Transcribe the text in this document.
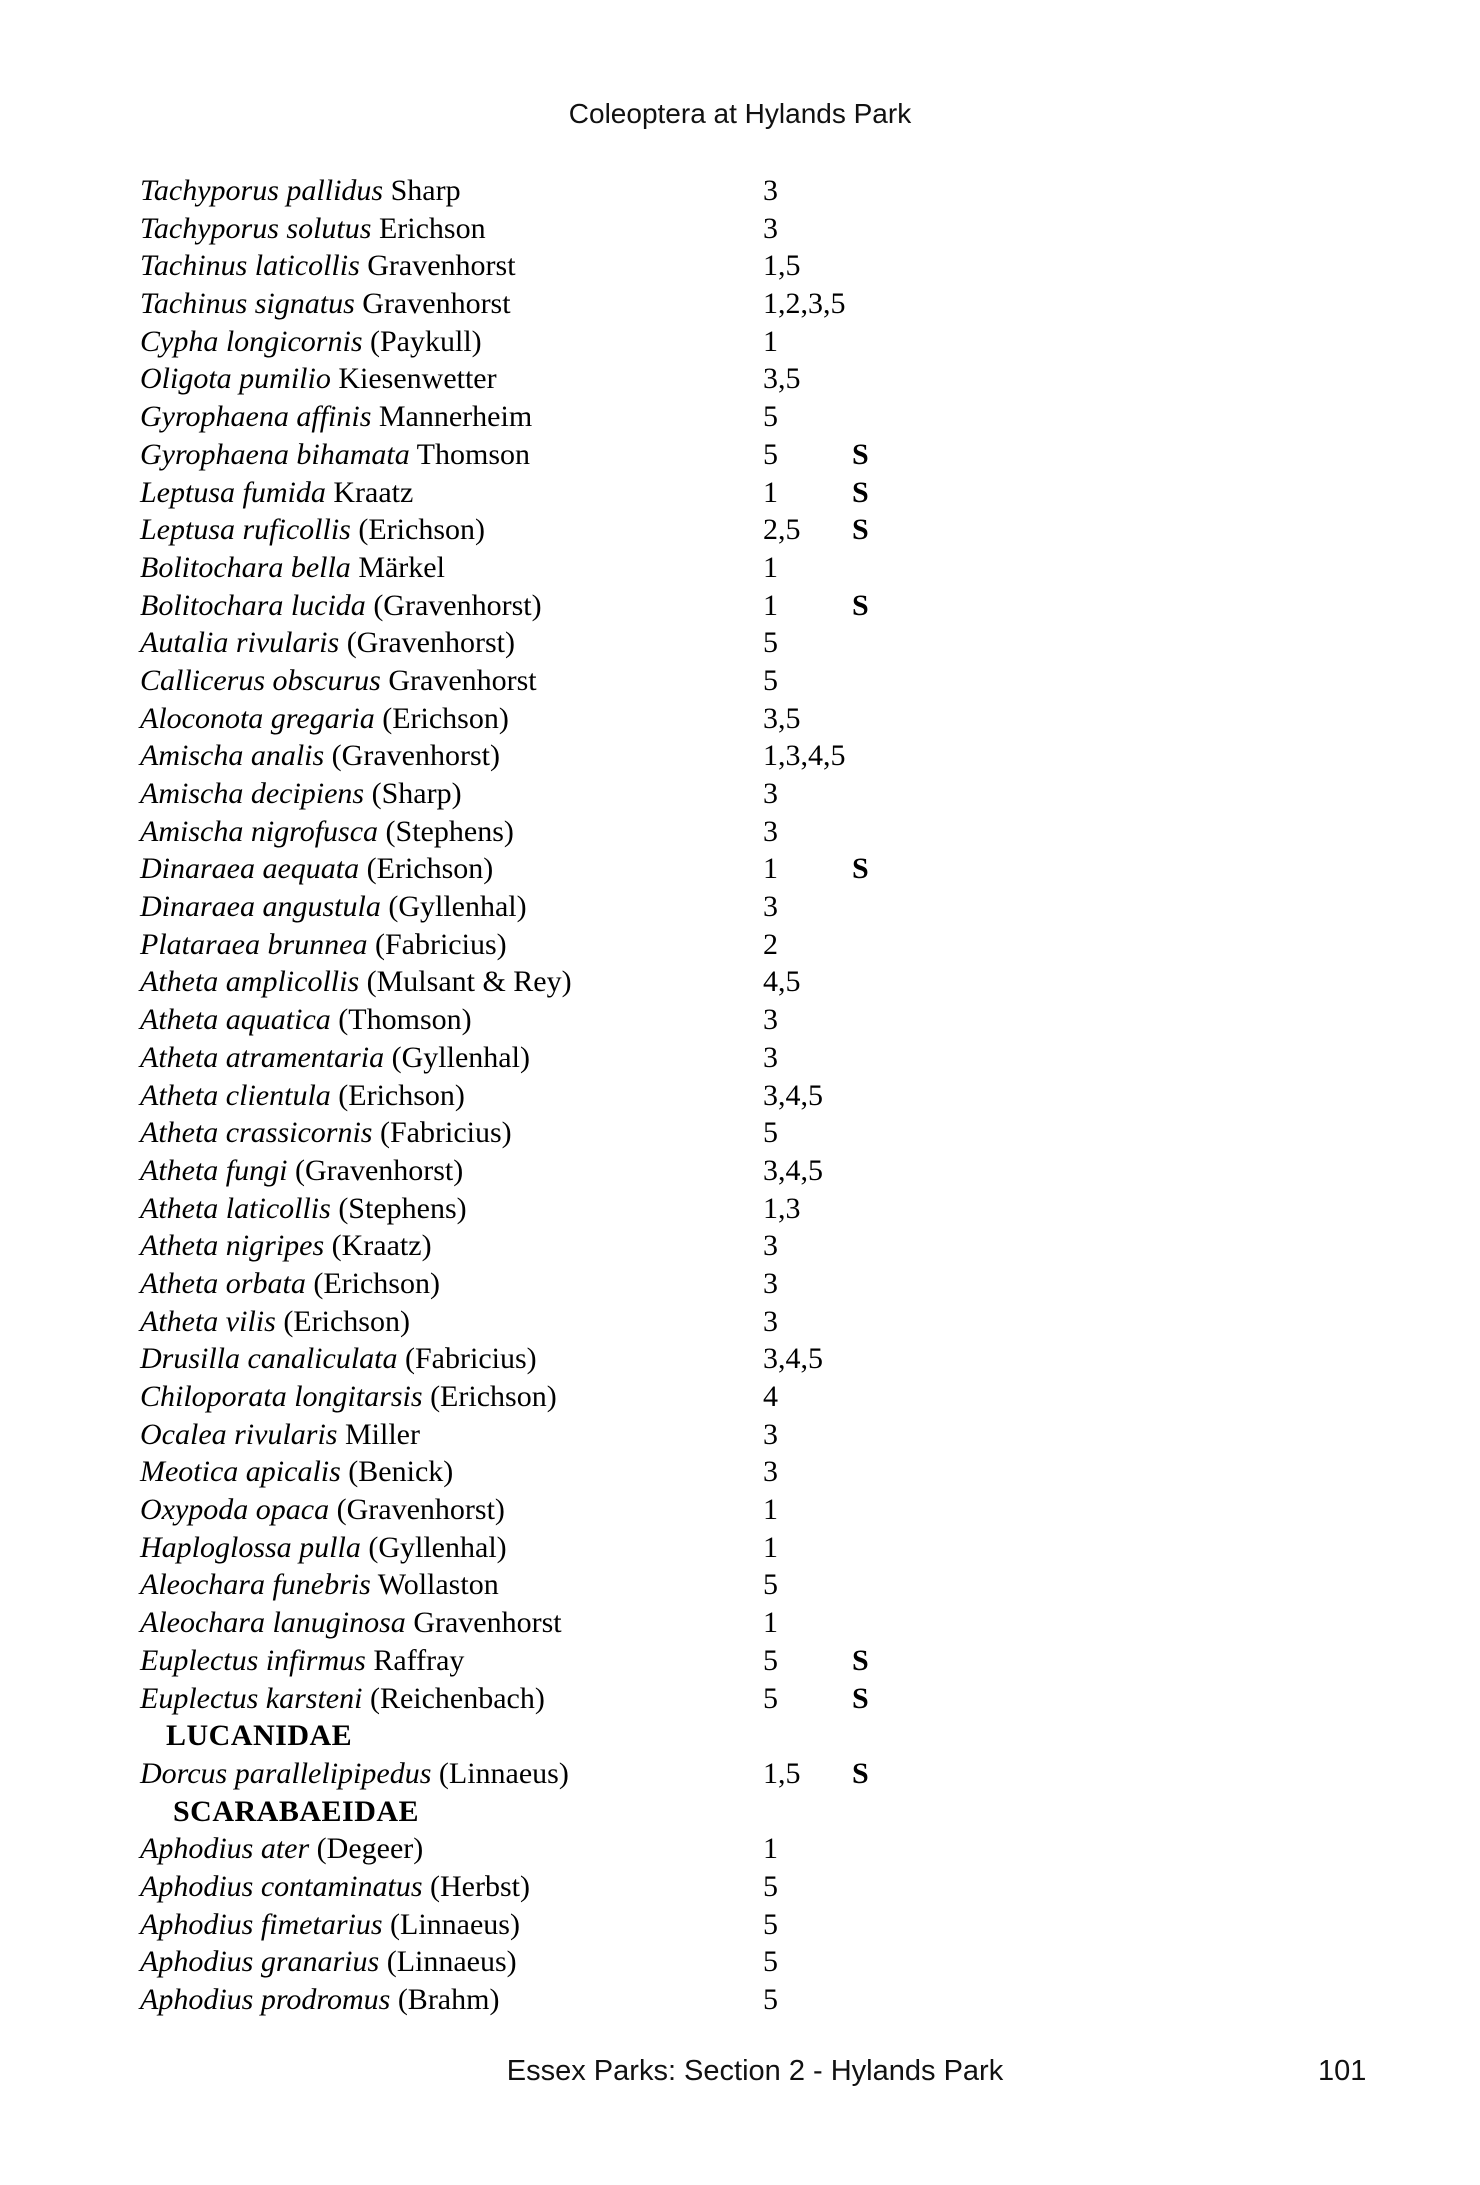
Coleoptera at Hylands Park
Tachyporus pallidus Sharp	3
Tachyporus solutus Erichson	3
Tachinus laticollis Gravenhorst	1,5
Tachinus signatus Gravenhorst	1,2,3,5
Cypha longicornis (Paykull)	1
Oligota pumilio Kiesenwetter	3,5
Gyrophaena affinis Mannerheim	5
Gyrophaena bihamata Thomson	5 S
Leptusa fumida Kraatz	1 S
Leptusa ruficollis (Erichson)	2,5 S
Bolitochara bella Märkel	1
Bolitochara lucida (Gravenhorst)	1 S
Autalia rivularis (Gravenhorst)	5
Callicerus obscurus Gravenhorst	5
Aloconota gregaria (Erichson)	3,5
Amischa analis (Gravenhorst)	1,3,4,5
Amischa decipiens (Sharp)	3
Amischa nigrofusca (Stephens)	3
Dinaraea aequata (Erichson)	1 S
Dinaraea angustula (Gyllenhal)	3
Plataraea brunnea (Fabricius)	2
Atheta amplicollis (Mulsant & Rey)	4,5
Atheta aquatica (Thomson)	3
Atheta atramentaria (Gyllenhal)	3
Atheta clientula (Erichson)	3,4,5
Atheta crassicornis (Fabricius)	5
Atheta fungi (Gravenhorst)	3,4,5
Atheta laticollis (Stephens)	1,3
Atheta nigripes (Kraatz)	3
Atheta orbata (Erichson)	3
Atheta vilis (Erichson)	3
Drusilla canaliculata (Fabricius)	3,4,5
Chiloporata longitarsis (Erichson)	4
Ocalea rivularis Miller	3
Meotica apicalis (Benick)	3
Oxypoda opaca (Gravenhorst)	1
Haploglossa pulla (Gyllenhal)	1
Aleochara funebris Wollaston	5
Aleochara lanuginosa Gravenhorst	1
Euplectus infirmus Raffray	5 S
Euplectus karsteni (Reichenbach)	5 S
LUCANIDAE
Dorcus parallelipipedus (Linnaeus)	1,5 S
SCARABAEIDAE
Aphodius ater (Degeer)	1
Aphodius contaminatus (Herbst)	5
Aphodius fimetarius (Linnaeus)	5
Aphodius granarius (Linnaeus)	5
Aphodius prodromus (Brahm)	5
Essex Parks: Section 2 - Hylands Park	101
